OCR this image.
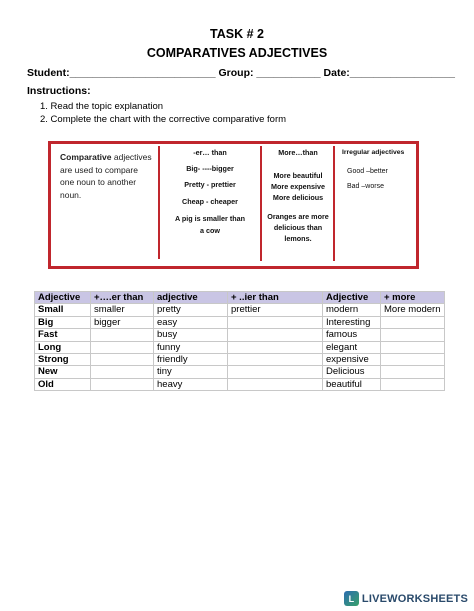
TASK # 2
COMPARATIVES ADJECTIVES
Student:_________________________ Group: ___________ Date:__________________
Instructions:
1. Read the topic explanation
2. Complete the chart with the corrective comparative form
Comparative adjectives
are used to compare
one noun to another
noun.
-er… than
Big- ----bigger
Pretty - prettier
Cheap - cheaper
A pig is smaller than
a cow
More…than
More beautiful
More expensive
More delicious
Oranges are more
delicious than
lemons.
Irregular adjectives
Good –better
Bad –worse
Adjective	+….er than	adjective	+ ..ier than	Adjective	+ more
Small	smaller	pretty	prettier	modern	More modern
Big	bigger	easy		Interesting	
Fast		busy		famous	
Long		funny		elegant	
Strong		friendly		expensive	
New		tiny		Delicious	
Old		heavy		beautiful	
L LIVEWORKSHEETS
